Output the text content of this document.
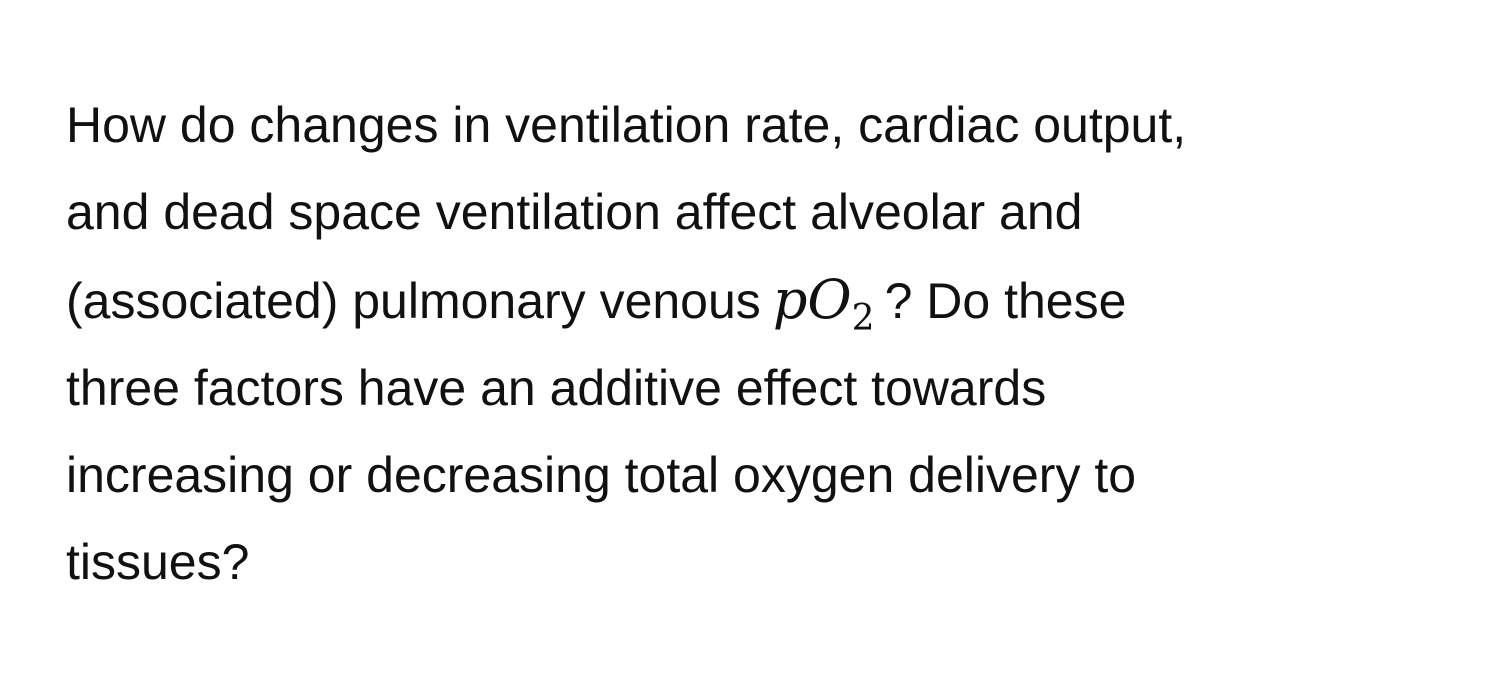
How do changes in ventilation rate, cardiac output,
and dead space ventilation affect alveolar and
(associated) pulmonary venous $pO_2$ ? Do these
three factors have an additive effect towards
increasing or decreasing total oxygen delivery to
tissues?
